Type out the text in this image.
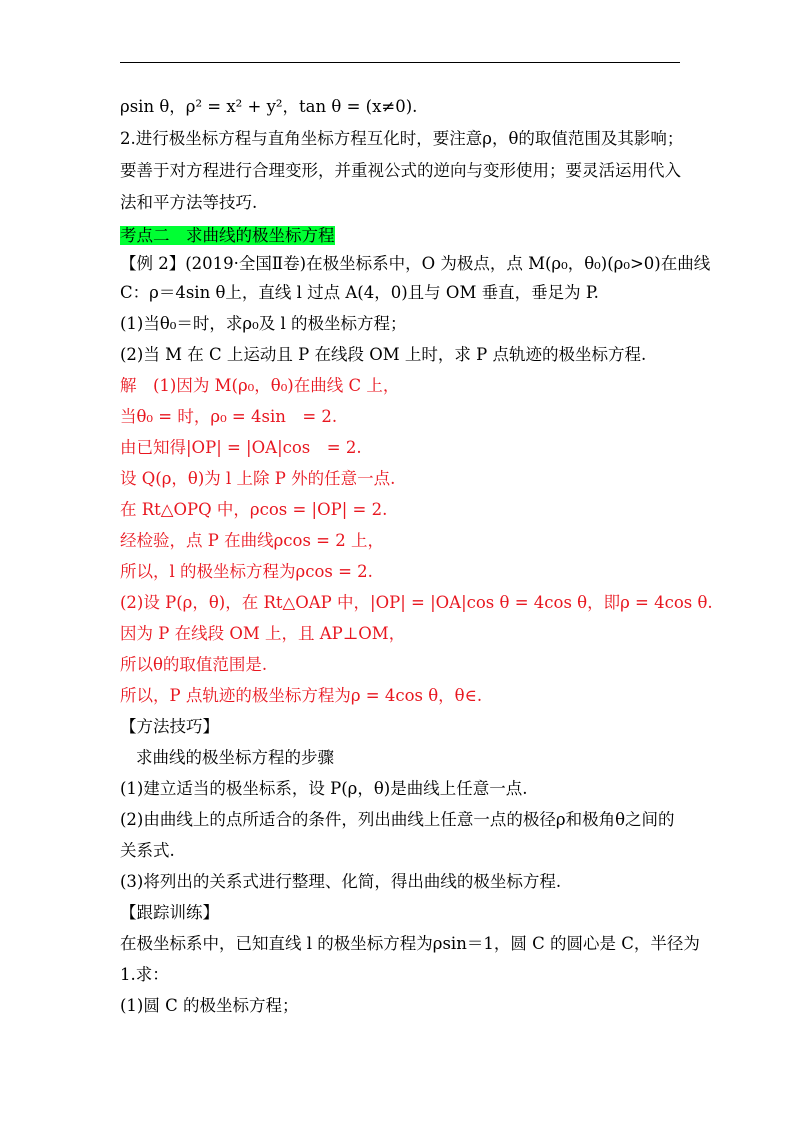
ρsin θ，ρ² = x² + y²，tan θ = (x≠0).
2.进行极坐标方程与直角坐标方程互化时，要注意ρ，θ的取值范围及其影响；
要善于对方程进行合理变形，并重视公式的逆向与变形使用；要灵活运用代入
法和平方法等技巧.
考点二　求曲线的极坐标方程
【例 2】(2019·全国Ⅱ卷)在极坐标系中，O 为极点，点 M(ρ₀，θ₀)(ρ₀>0)在曲线
C：ρ＝4sin θ上，直线 l 过点 A(4，0)且与 OM 垂直，垂足为 P.
(1)当θ₀＝时，求ρ₀及 l 的极坐标方程；
(2)当 M 在 C 上运动且 P 在线段 OM 上时，求 P 点轨迹的极坐标方程.
解　(1)因为 M(ρ₀，θ₀)在曲线 C 上，
当θ₀ = 时，ρ₀ = 4sin　= 2.
由已知得|OP| = |OA|cos　= 2.
设 Q(ρ，θ)为 l 上除 P 外的任意一点.
在 Rt△OPQ 中，ρcos = |OP| = 2.
经检验，点 P 在曲线ρcos = 2 上，
所以，l 的极坐标方程为ρcos = 2.
(2)设 P(ρ，θ)，在 Rt△OAP 中，|OP| = |OA|cos θ = 4cos θ，即ρ = 4cos θ.
因为 P 在线段 OM 上，且 AP⊥OM，
所以θ的取值范围是.
所以，P 点轨迹的极坐标方程为ρ = 4cos θ，θ∈.
【方法技巧】
求曲线的极坐标方程的步骤
(1)建立适当的极坐标系，设 P(ρ，θ)是曲线上任意一点.
(2)由曲线上的点所适合的条件，列出曲线上任意一点的极径ρ和极角θ之间的
关系式.
(3)将列出的关系式进行整理、化简，得出曲线的极坐标方程.
【跟踪训练】
在极坐标系中，已知直线 l 的极坐标方程为ρsin＝1，圆 C 的圆心是 C，半径为
1.求：
(1)圆 C 的极坐标方程；
